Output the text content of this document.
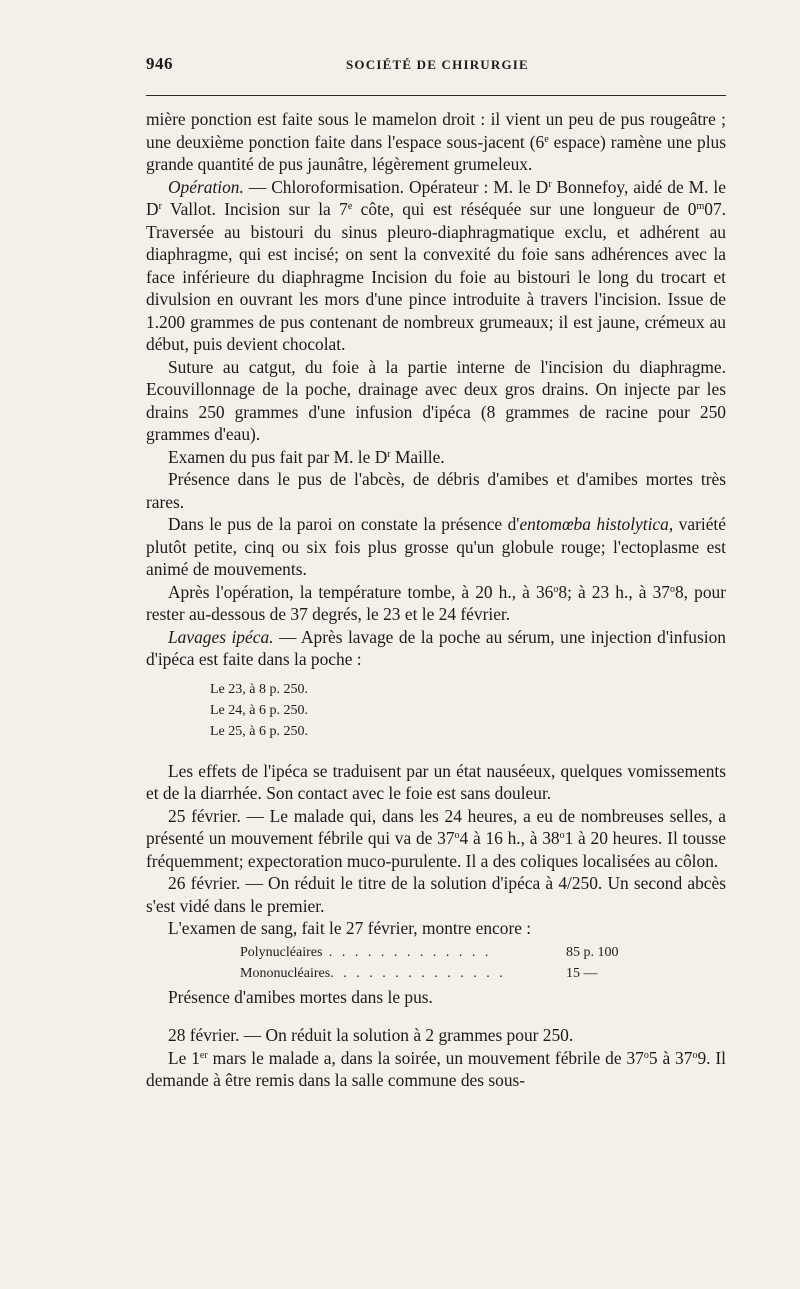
946	SOCIÉTÉ DE CHIRURGIE

mière ponction est faite sous le mamelon droit : il vient un peu de pus rougeâtre ; une deuxième ponction faite dans l'espace sous-jacent (6e espace) ramène une plus grande quantité de pus jaunâtre, légèrement grumeleux.

Opération. — Chloroformisation. Opérateur : M. le $D^r$ Bonnefoy, aidé de M. le $D^r$ Vallot. Incision sur la 7e côte, qui est réséquée sur une longueur de 0$^m$07. Traversée au bistouri du sinus pleuro-diaphragmatique exclu, et adhérent au diaphragme, qui est incisé; on sent la convexité du foie sans adhérences avec la face inférieure du diaphragme Incision du foie au bistouri le long du trocart et divulsion en ouvrant les mors d'une pince introduite à travers l'incision. Issue de 1.200 grammes de pus contenant de nombreux grumeaux; il est jaune, crémeux au début, puis devient chocolat.

Suture au catgut, du foie à la partie interne de l'incision du diaphragme. Ecouvillonnage de la poche, drainage avec deux gros drains. On injecte par les drains 250 grammes d'une infusion d'ipéca (8 grammes de racine pour 250 grammes d'eau).

Examen du pus fait par M. le $D^r$ Maille.

Présence dans le pus de l'abcès, de débris d'amibes et d'amibes mortes très rares.

Dans le pus de la paroi on constate la présence d'entomœba histolytica, variété plutôt petite, cinq ou six fois plus grosse qu'un globule rouge; l'ectoplasme est animé de mouvements.

Après l'opération, la température tombe, à 20 h., à 36$^o$8; à 23 h., à 37$^o$8, pour rester au-dessous de 37 degrés, le 23 et le 24 février.

Lavages ipéca. — Après lavage de la poche au sérum, une injection d'infusion d'ipéca est faite dans la poche :

Le 23, à 8 p. 250.
Le 24, à 6 p. 250.
Le 25, à 6 p. 250.

Les effets de l'ipéca se traduisent par un état nauséeux, quelques vomissements et de la diarrhée. Son contact avec le foie est sans douleur.

25 février. — Le malade qui, dans les 24 heures, a eu de nombreuses selles, a présenté un mouvement fébrile qui va de 37$^o$4 à 16 h., à 38$^o$1 à 20 heures. Il tousse fréquemment; expectoration muco-purulente. Il a des coliques localisées au côlon.

26 février. — On réduit le titre de la solution d'ipéca à 4/250. Un second abcès s'est vidé dans le premier.

L'examen de sang, fait le 27 février, montre encore :

Polynucléaires . . . . . . . . . . . . .	85 p. 100
Mononucléaires. . . . . . . . . . . . . .	15 —

Présence d'amibes mortes dans le pus.

28 février. — On réduit la solution à 2 grammes pour 250.

Le 1er mars le malade a, dans la soirée, un mouvement fébrile de 37$^o$5 à 37$^o$9. Il demande à être remis dans la salle commune des sous-
